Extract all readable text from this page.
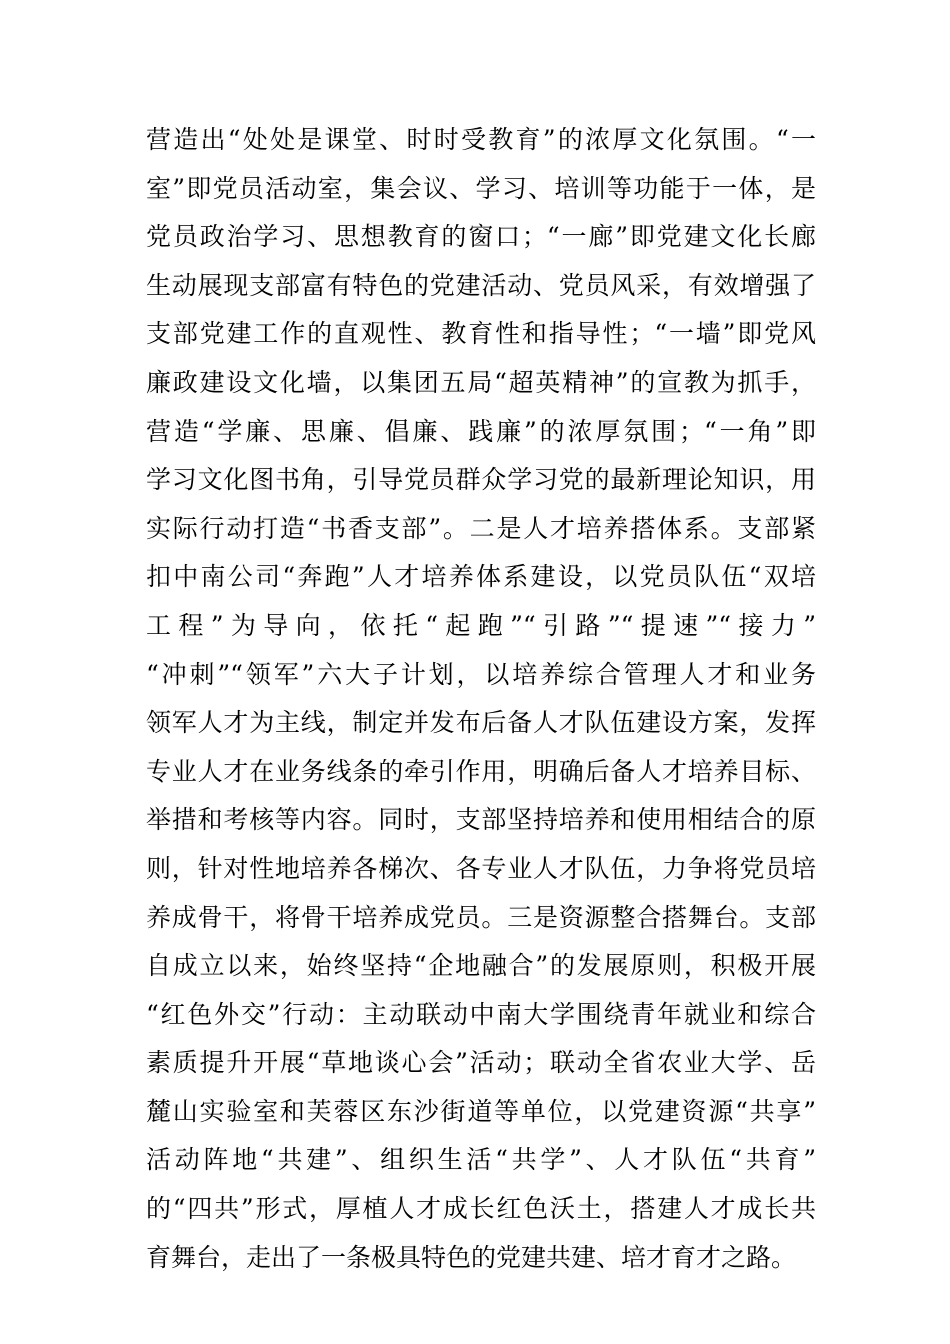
营造出“处处是课堂、时时受教育”的浓厚文化氛围。“一
室”即党员活动室，集会议、学习、培训等功能于一体，是
党员政治学习、思想教育的窗口；“一廊”即党建文化长廊
生动展现支部富有特色的党建活动、党员风采，有效增强了
支部党建工作的直观性、教育性和指导性；“一墙”即党风
廉政建设文化墙，以集团五局“超英精神”的宣教为抓手，
营造“学廉、思廉、倡廉、践廉”的浓厚氛围；“一角”即
学习文化图书角，引导党员群众学习党的最新理论知识，用
实际行动打造“书香支部”。二是人才培养搭体系。支部紧
扣中南公司“奔跑”人才培养体系建设，以党员队伍“双培
工程”为导向，依托“起跑”“引路”“提速”“接力”
“冲刺”“领军”六大子计划，以培养综合管理人才和业务
领军人才为主线，制定并发布后备人才队伍建设方案，发挥
专业人才在业务线条的牵引作用，明确后备人才培养目标、
举措和考核等内容。同时，支部坚持培养和使用相结合的原
则，针对性地培养各梯次、各专业人才队伍，力争将党员培
养成骨干，将骨干培养成党员。三是资源整合搭舞台。支部
自成立以来，始终坚持“企地融合”的发展原则，积极开展
“红色外交”行动：主动联动中南大学围绕青年就业和综合
素质提升开展“草地谈心会”活动；联动全省农业大学、岳
麓山实验室和芙蓉区东沙街道等单位，以党建资源“共享”
活动阵地“共建”、组织生活“共学”、人才队伍“共育”
的“四共”形式，厚植人才成长红色沃土，搭建人才成长共
育舞台，走出了一条极具特色的党建共建、培才育才之路。
